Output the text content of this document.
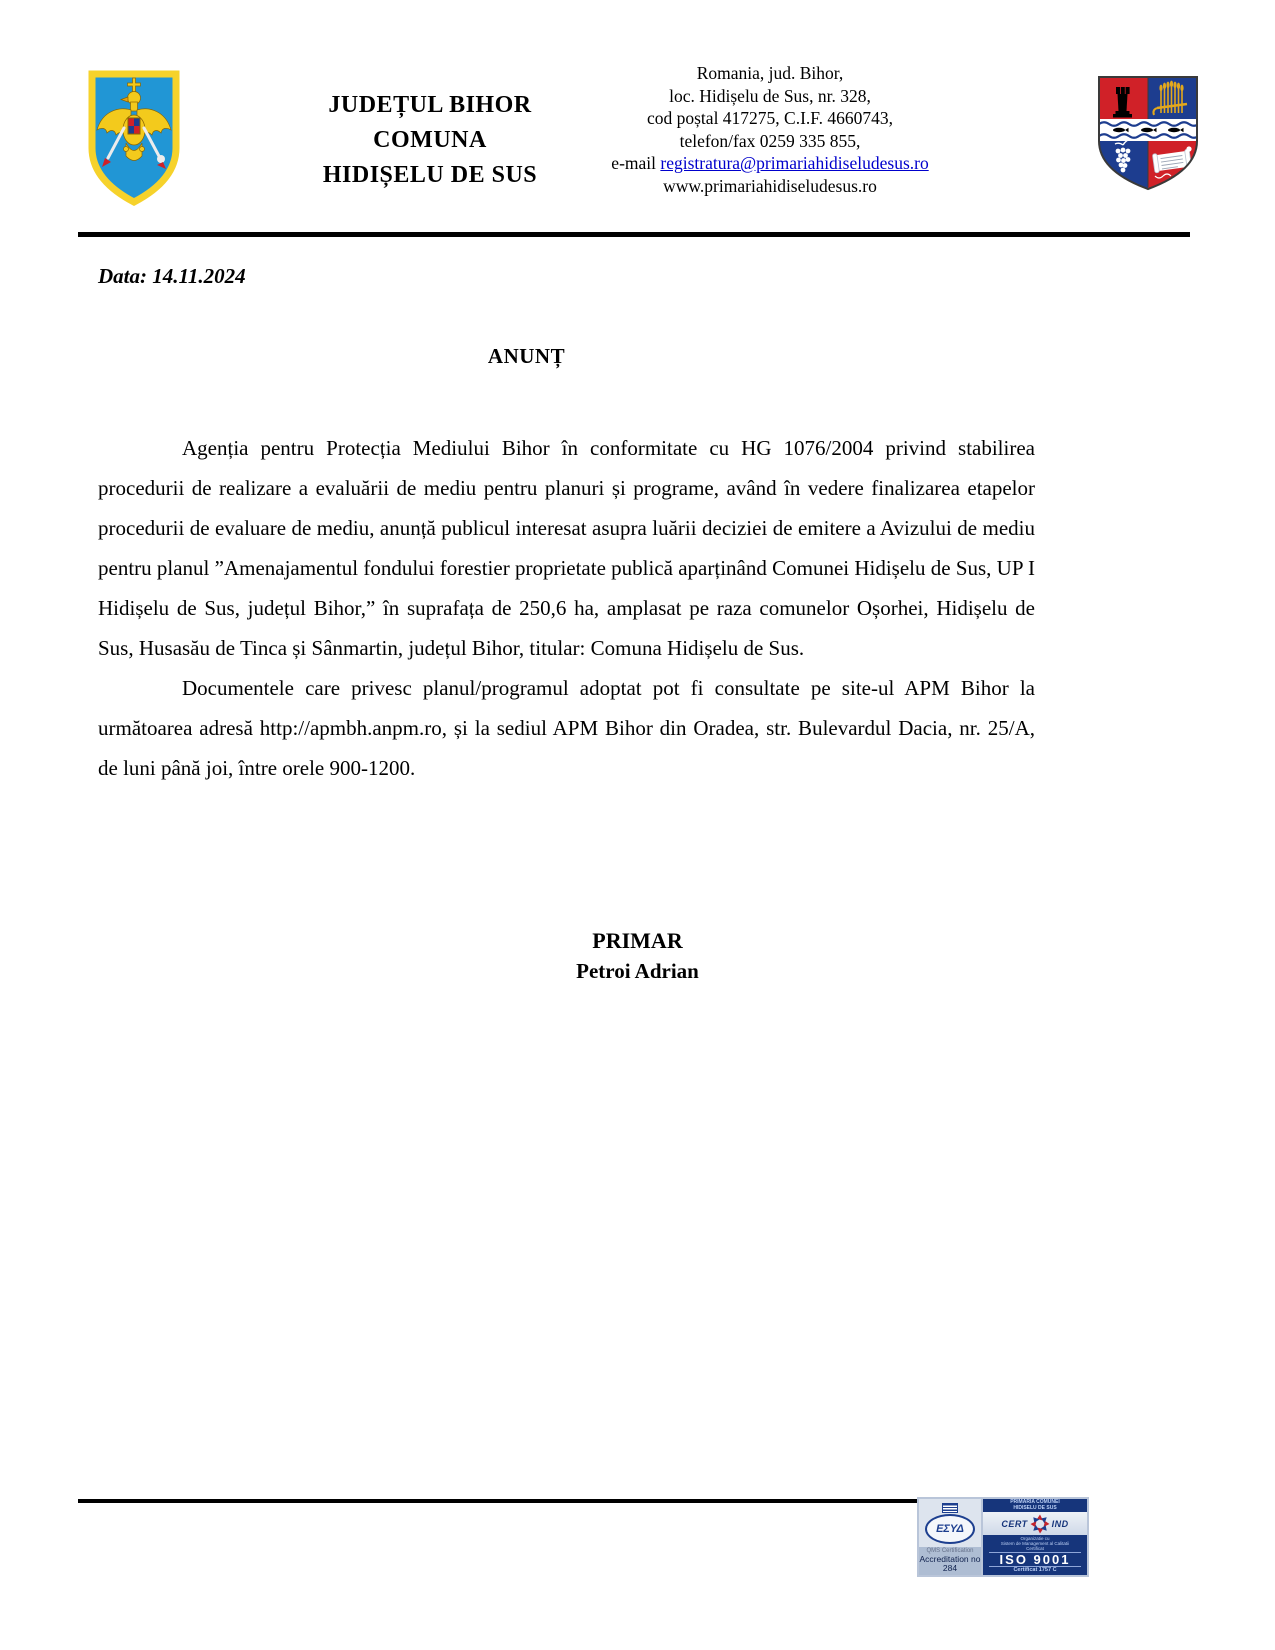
JUDEȚUL BIHOR
COMUNA
HIDIȘELU DE SUS
Romania, jud. Bihor,
loc. Hidișelu de Sus, nr. 328,
cod poștal 417275, C.I.F. 4660743,
telefon/fax 0259 335 855,
e-mail registratura@primariahidiseludesus.ro
www.primariahidiseludesus.ro
Data: 14.11.2024
ANUNȚ

Agenția pentru Protecția Mediului Bihor în conformitate cu HG 1076/2004 privind stabilirea procedurii de realizare a evaluării de mediu pentru planuri și programe, având în vedere finalizarea etapelor procedurii de evaluare de mediu, anunță publicul interesat asupra luării deciziei de emitere a Avizului de mediu pentru planul ”Amenajamentul fondului forestier proprietate publică aparținând Comunei Hidișelu de Sus, UP I Hidișelu de Sus, județul Bihor,” în suprafața de 250,6 ha, amplasat pe raza comunelor Oșorhei, Hidișelu de Sus, Husasău de Tinca și Sânmartin, județul Bihor, titular: Comuna Hidișelu de Sus.

Documentele care privesc planul/programul adoptat pot fi consultate pe site-ul APM Bihor la următoarea adresă http://apmbh.anpm.ro, și la sediul APM Bihor din Oradea, str. Bulevardul Dacia, nr. 25/A, de luni până joi, între orele 900-1200.

PRIMAR
Petroi Adrian
ΕΣΥΔ
QMS Certification
Accreditation no 284
PRIMARIA COMUNEI
HIDISELU DE SUS
CERT	IND
Organizatie cu
Sistem de Management al Calitatii
Certificat
ISO 9001
Certificat 1757 C
